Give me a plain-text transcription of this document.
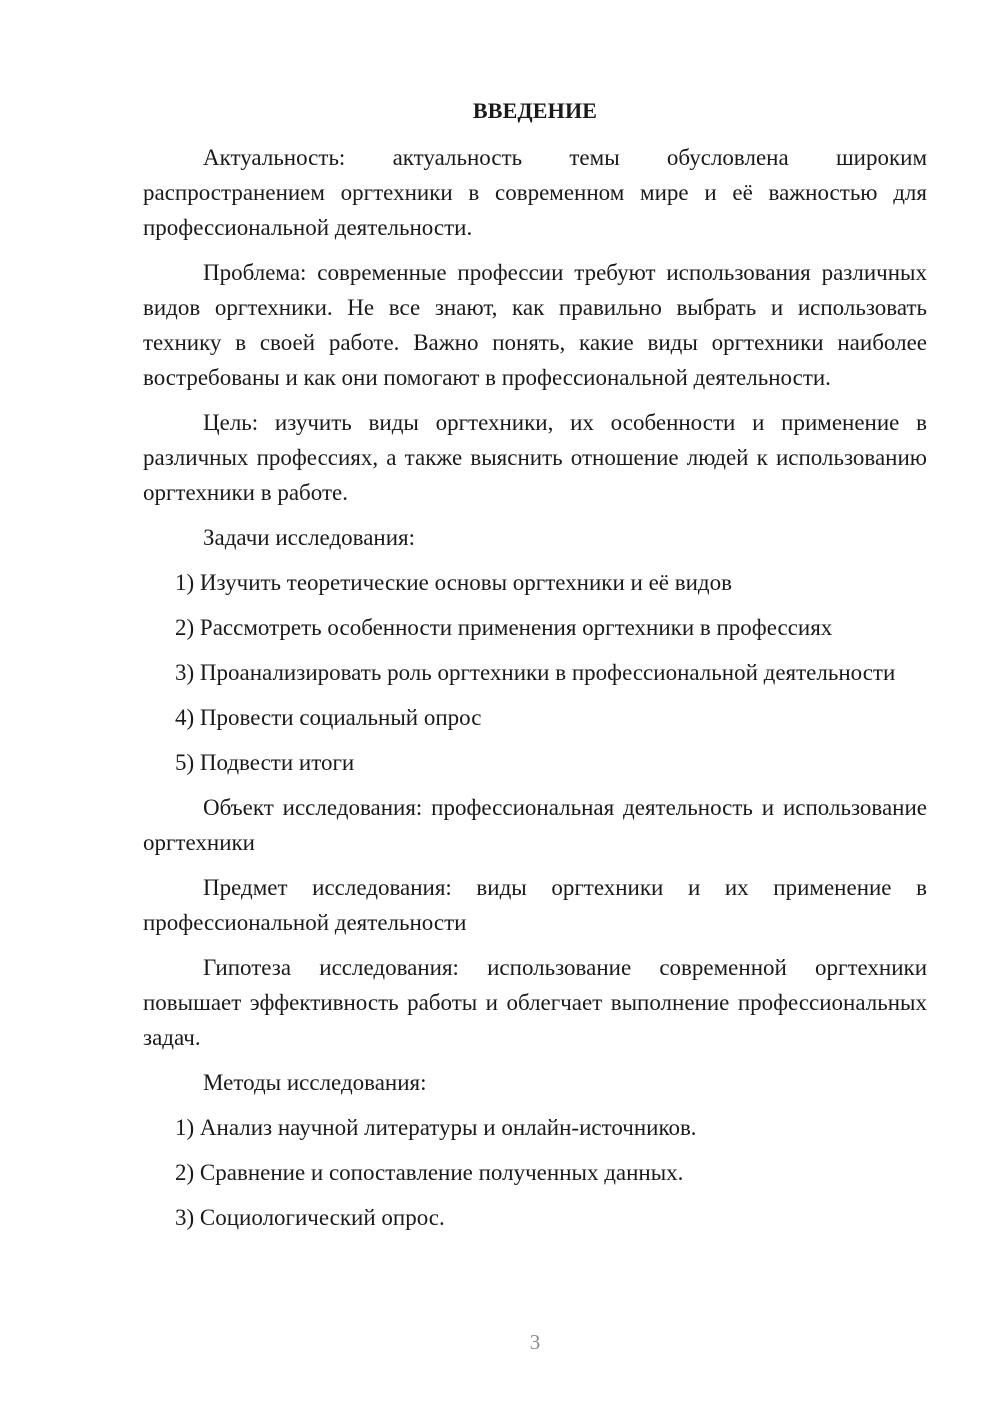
ВВЕДЕНИЕ

Актуальность: актуальность темы обусловлена широким распространением оргтехники в современном мире и её важностью для профессиональной деятельности.

Проблема: современные профессии требуют использования различных видов оргтехники. Не все знают, как правильно выбрать и использовать технику в своей работе. Важно понять, какие виды оргтехники наиболее востребованы и как они помогают в профессиональной деятельности.

Цель: изучить виды оргтехники, их особенности и применение в различных профессиях, а также выяснить отношение людей к использованию оргтехники в работе.

Задачи исследования:

1) Изучить теоретические основы оргтехники и её видов

2) Рассмотреть особенности применения оргтехники в профессиях

3) Проанализировать роль оргтехники в профессиональной деятельности

4) Провести социальный опрос

5) Подвести итоги

Объект исследования: профессиональная деятельность и использование оргтехники

Предмет исследования: виды оргтехники и их применение в профессиональной деятельности

Гипотеза исследования: использование современной оргтехники повышает эффективность работы и облегчает выполнение профессиональных задач.

Методы исследования:

1) Анализ научной литературы и онлайн-источников.

2) Сравнение и сопоставление полученных данных.

3) Социологический опрос.

3
